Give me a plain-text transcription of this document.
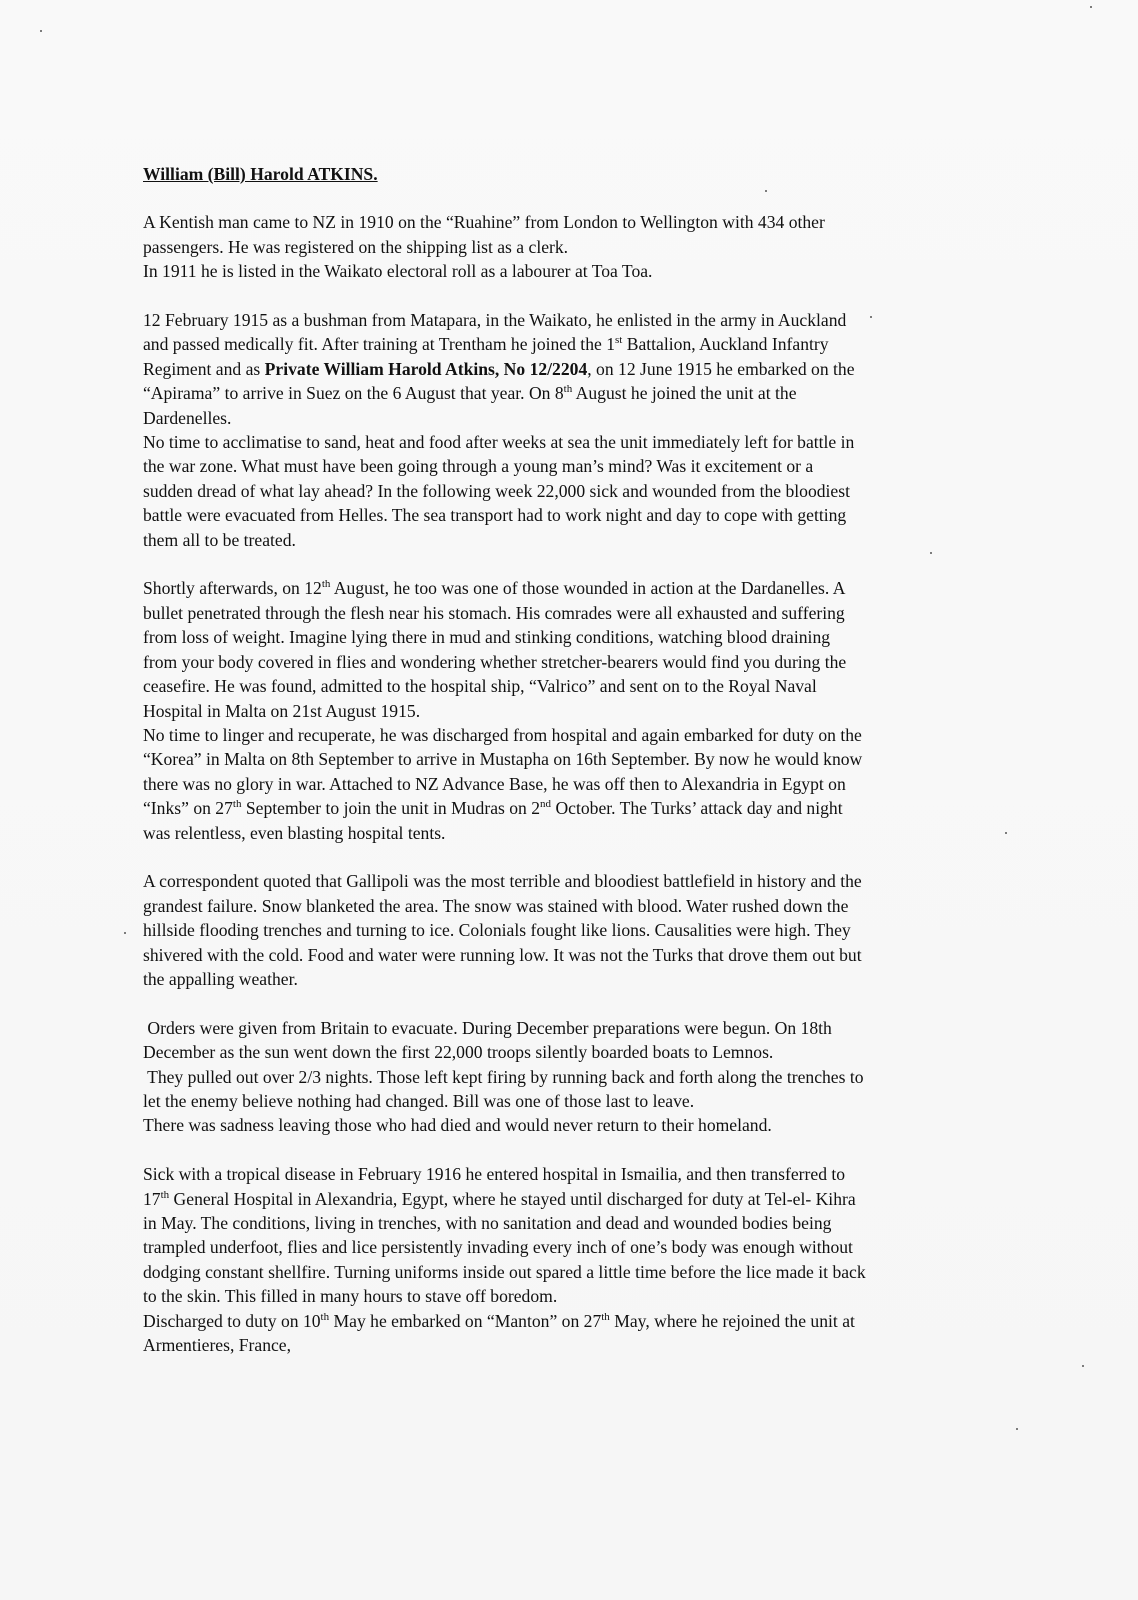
William (Bill) Harold ATKINS.
A Kentish man came to NZ in 1910 on the “Ruahine” from London to Wellington with 434 other
passengers. He was registered on the shipping list as a clerk.
In 1911 he is listed in the Waikato electoral roll as a labourer at Toa Toa.
12 February 1915 as a bushman from Matapara, in the Waikato, he enlisted in the army in Auckland
and passed medically fit. After training at Trentham he joined the 1st Battalion, Auckland Infantry
Regiment and as Private William Harold Atkins, No 12/2204, on 12 June 1915 he embarked on the
“Apirama” to arrive in Suez on the 6 August that year. On 8th August he joined the unit at the
Dardenelles.
No time to acclimatise to sand, heat and food after weeks at sea the unit immediately left for battle in
the war zone. What must have been going through a young man’s mind? Was it excitement or a
sudden dread of what lay ahead? In the following week 22,000 sick and wounded from the bloodiest
battle were evacuated from Helles. The sea transport had to work night and day to cope with getting
them all to be treated.
Shortly afterwards, on 12th August, he too was one of those wounded in action at the Dardanelles. A
bullet penetrated through the flesh near his stomach. His comrades were all exhausted and suffering
from loss of weight. Imagine lying there in mud and stinking conditions, watching blood draining
from your body covered in flies and wondering whether stretcher-bearers would find you during the
ceasefire. He was found, admitted to the hospital ship, “Valrico” and sent on to the Royal Naval
Hospital in Malta on 21st August 1915.
No time to linger and recuperate, he was discharged from hospital and again embarked for duty on the
“Korea” in Malta on 8th September to arrive in Mustapha on 16th September. By now he would know
there was no glory in war. Attached to NZ Advance Base, he was off then to Alexandria in Egypt on
“Inks” on 27th September to join the unit in Mudras on 2nd October. The Turks’ attack day and night
was relentless, even blasting hospital tents.
A correspondent quoted that Gallipoli was the most terrible and bloodiest battlefield in history and the
grandest failure. Snow blanketed the area. The snow was stained with blood. Water rushed down the
hillside flooding trenches and turning to ice. Colonials fought like lions. Causalities were high. They
shivered with the cold. Food and water were running low. It was not the Turks that drove them out but
the appalling weather.
Orders were given from Britain to evacuate. During December preparations were begun. On 18th
December as the sun went down the first 22,000 troops silently boarded boats to Lemnos.
They pulled out over 2/3 nights. Those left kept firing by running back and forth along the trenches to
let the enemy believe nothing had changed. Bill was one of those last to leave.
There was sadness leaving those who had died and would never return to their homeland.
Sick with a tropical disease in February 1916 he entered hospital in Ismailia, and then transferred to
17th General Hospital in Alexandria, Egypt, where he stayed until discharged for duty at Tel-el- Kihra
in May. The conditions, living in trenches, with no sanitation and dead and wounded bodies being
trampled underfoot, flies and lice persistently invading every inch of one’s body was enough without
dodging constant shellfire. Turning uniforms inside out spared a little time before the lice made it back
to the skin. This filled in many hours to stave off boredom.
Discharged to duty on 10th May he embarked on “Manton” on 27th May, where he rejoined the unit at
Armentieres, France,
